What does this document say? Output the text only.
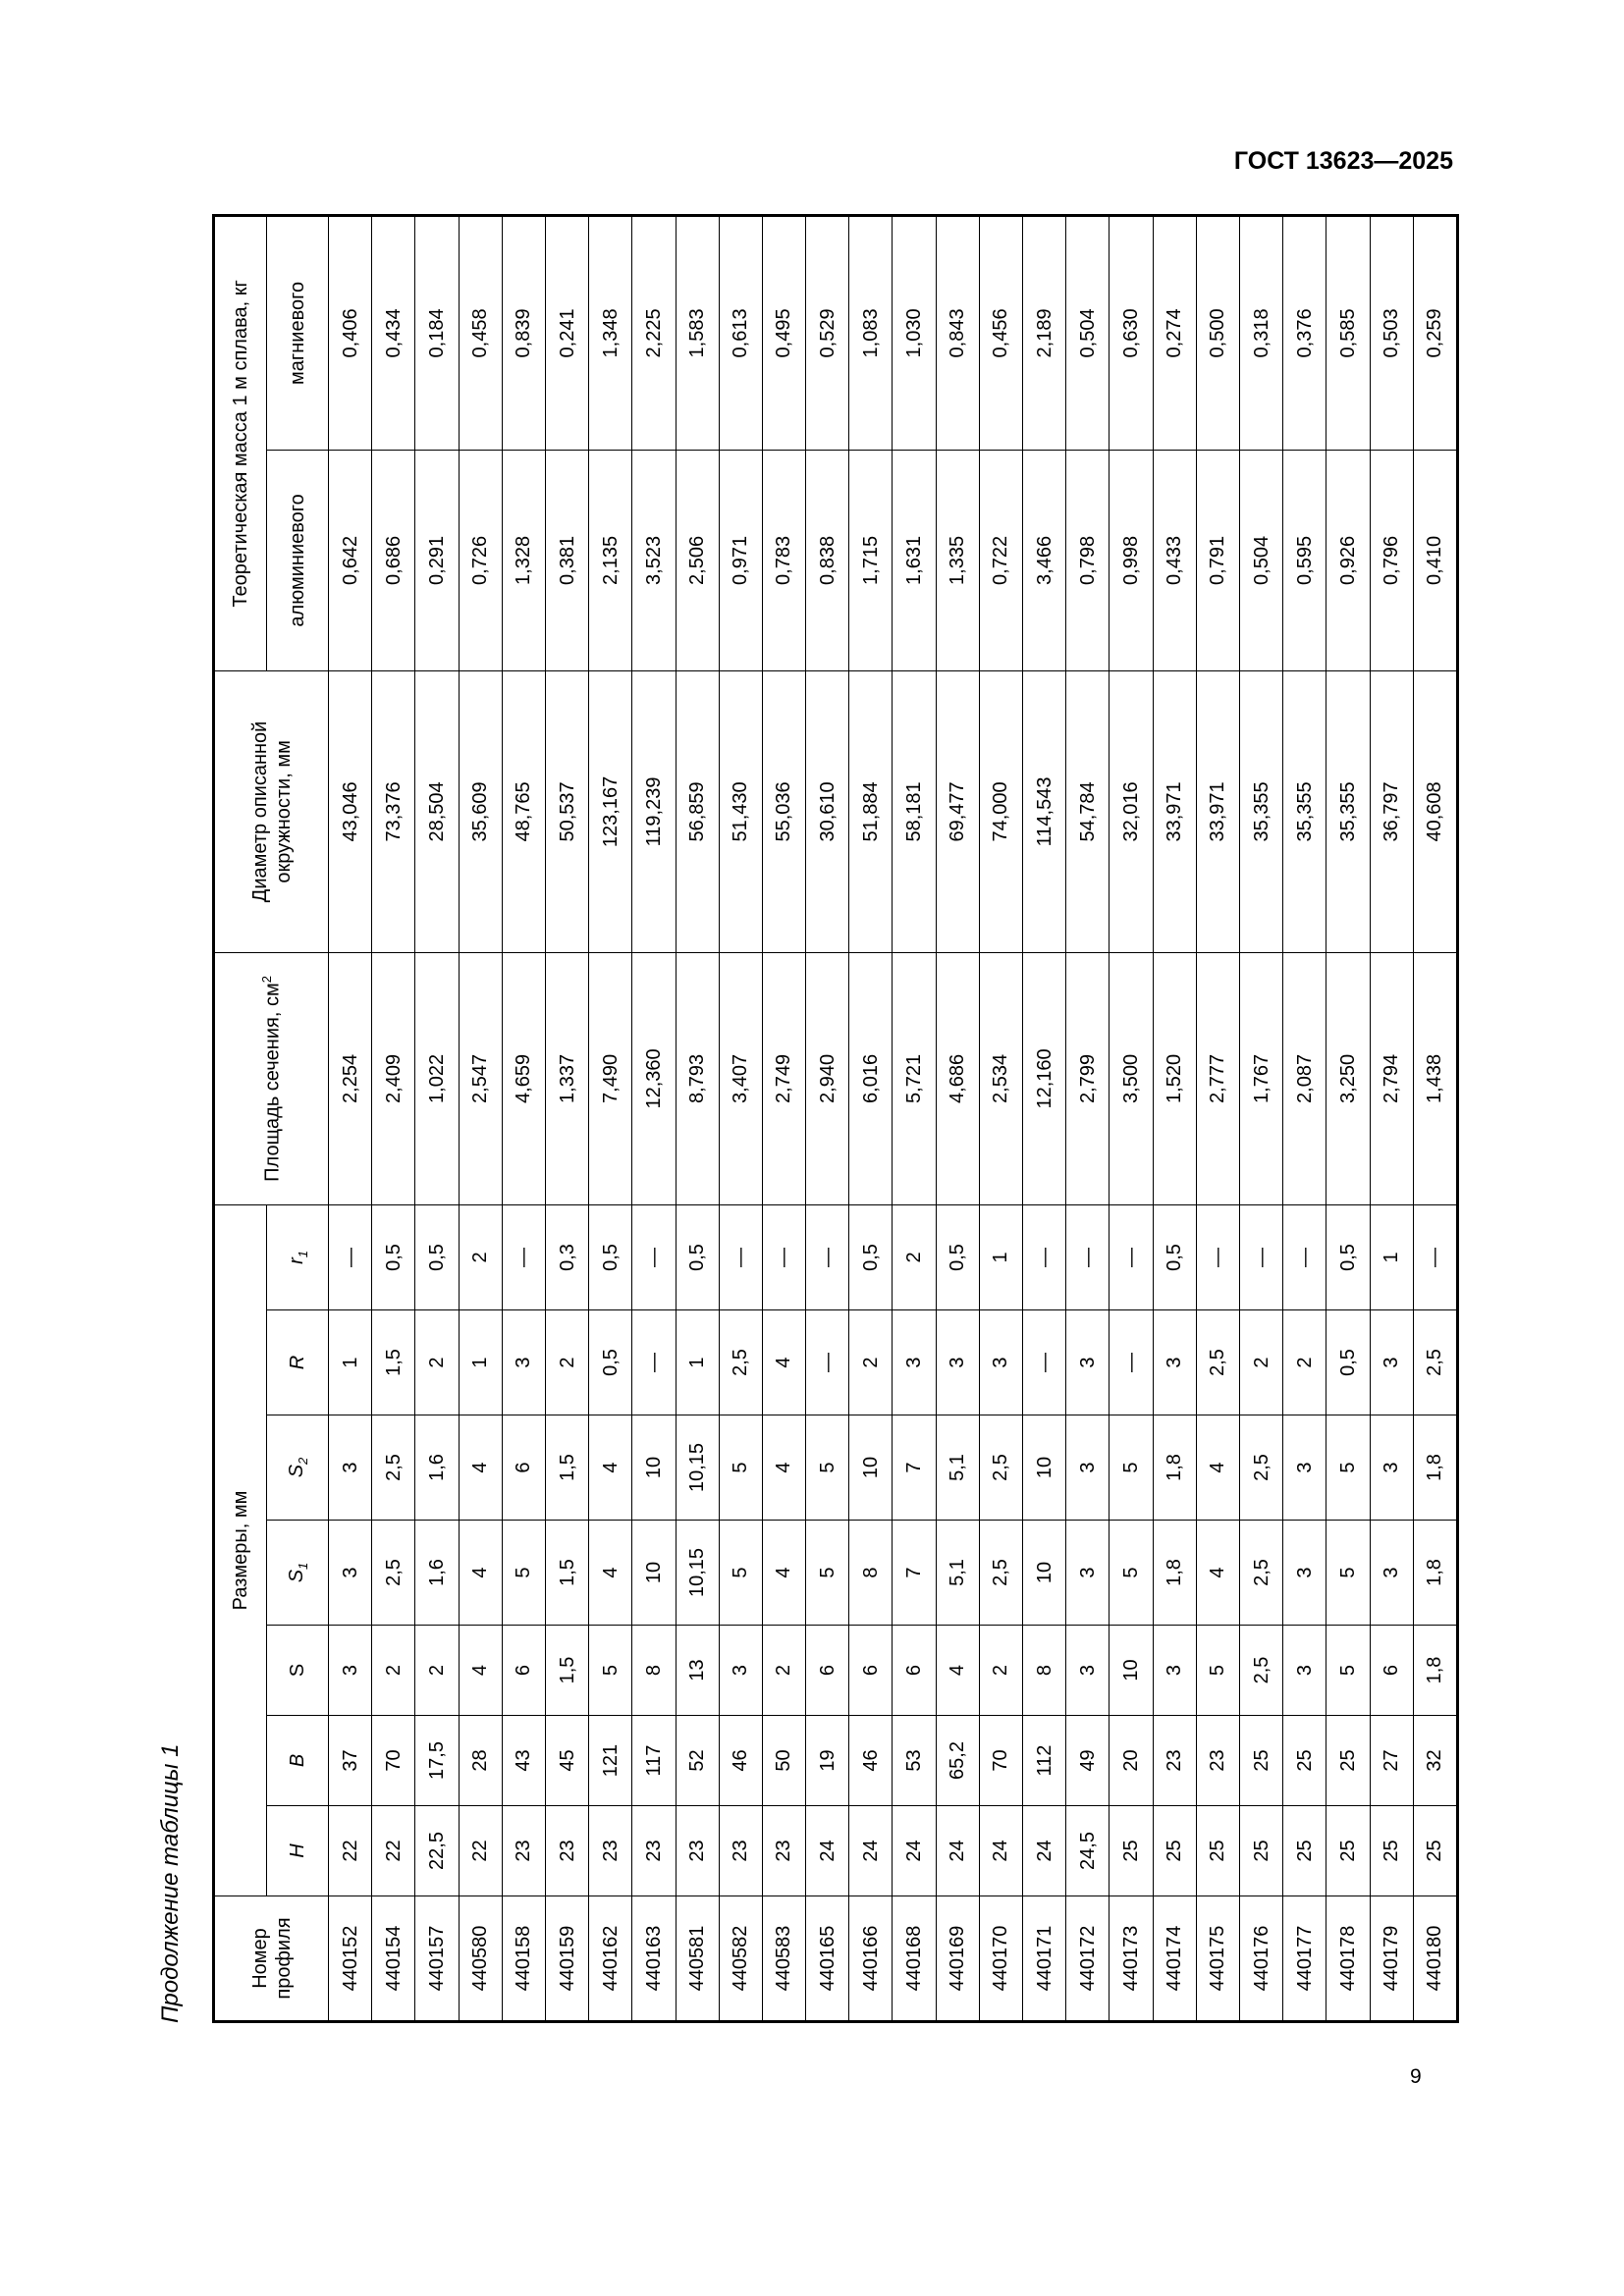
ГОСТ 13623—2025
Продолжение таблицы 1	Номер профиля	Размеры, мм							Площадь сечения, $см^2$	Диаметр описанной окружности, мм	Теоретическая масса 1 м сплава, кг	
	H	B	S	$S_1$	$S_2$	R	$r_1$			алюминиевого	магниевого
440152	22	37	3	3	3	1	—	2,254	43,046	0,642	0,406
440154	22	70	2	2,5	2,5	1,5	0,5	2,409	73,376	0,686	0,434
440157	22,5	17,5	2	1,6	1,6	2	0,5	1,022	28,504	0,291	0,184
440580	22	28	4	4	4	1	2	2,547	35,609	0,726	0,458
440158	23	43	6	5	6	3	—	4,659	48,765	1,328	0,839
440159	23	45	1,5	1,5	1,5	2	0,3	1,337	50,537	0,381	0,241
440162	23	121	5	4	4	0,5	0,5	7,490	123,167	2,135	1,348
440163	23	117	8	10	10	—	—	12,360	119,239	3,523	2,225
440581	23	52	13	10,15	10,15	1	0,5	8,793	56,859	2,506	1,583
440582	23	46	3	5	5	2,5	—	3,407	51,430	0,971	0,613
440583	23	50	2	4	4	4	—	2,749	55,036	0,783	0,495
440165	24	19	6	5	5	—	—	2,940	30,610	0,838	0,529
440166	24	46	6	8	10	2	0,5	6,016	51,884	1,715	1,083
440168	24	53	6	7	7	3	2	5,721	58,181	1,631	1,030
440169	24	65,2	4	5,1	5,1	3	0,5	4,686	69,477	1,335	0,843
440170	24	70	2	2,5	2,5	3	1	2,534	74,000	0,722	0,456
440171	24	112	8	10	10	—	—	12,160	114,543	3,466	2,189
440172	24,5	49	3	3	3	3	—	2,799	54,784	0,798	0,504
440173	25	20	10	5	5	—	—	3,500	32,016	0,998	0,630
440174	25	23	3	1,8	1,8	3	0,5	1,520	33,971	0,433	0,274
440175	25	23	5	4	4	2,5	—	2,777	33,971	0,791	0,500
440176	25	25	2,5	2,5	2,5	2	—	1,767	35,355	0,504	0,318
440177	25	25	3	3	3	2	—	2,087	35,355	0,595	0,376
440178	25	25	5	5	5	0,5	0,5	3,250	35,355	0,926	0,585
440179	25	27	6	3	3	3	1	2,794	36,797	0,796	0,503
440180	25	32	1,8	1,8	1,8	2,5	—	1,438	40,608	0,410	0,259
9
